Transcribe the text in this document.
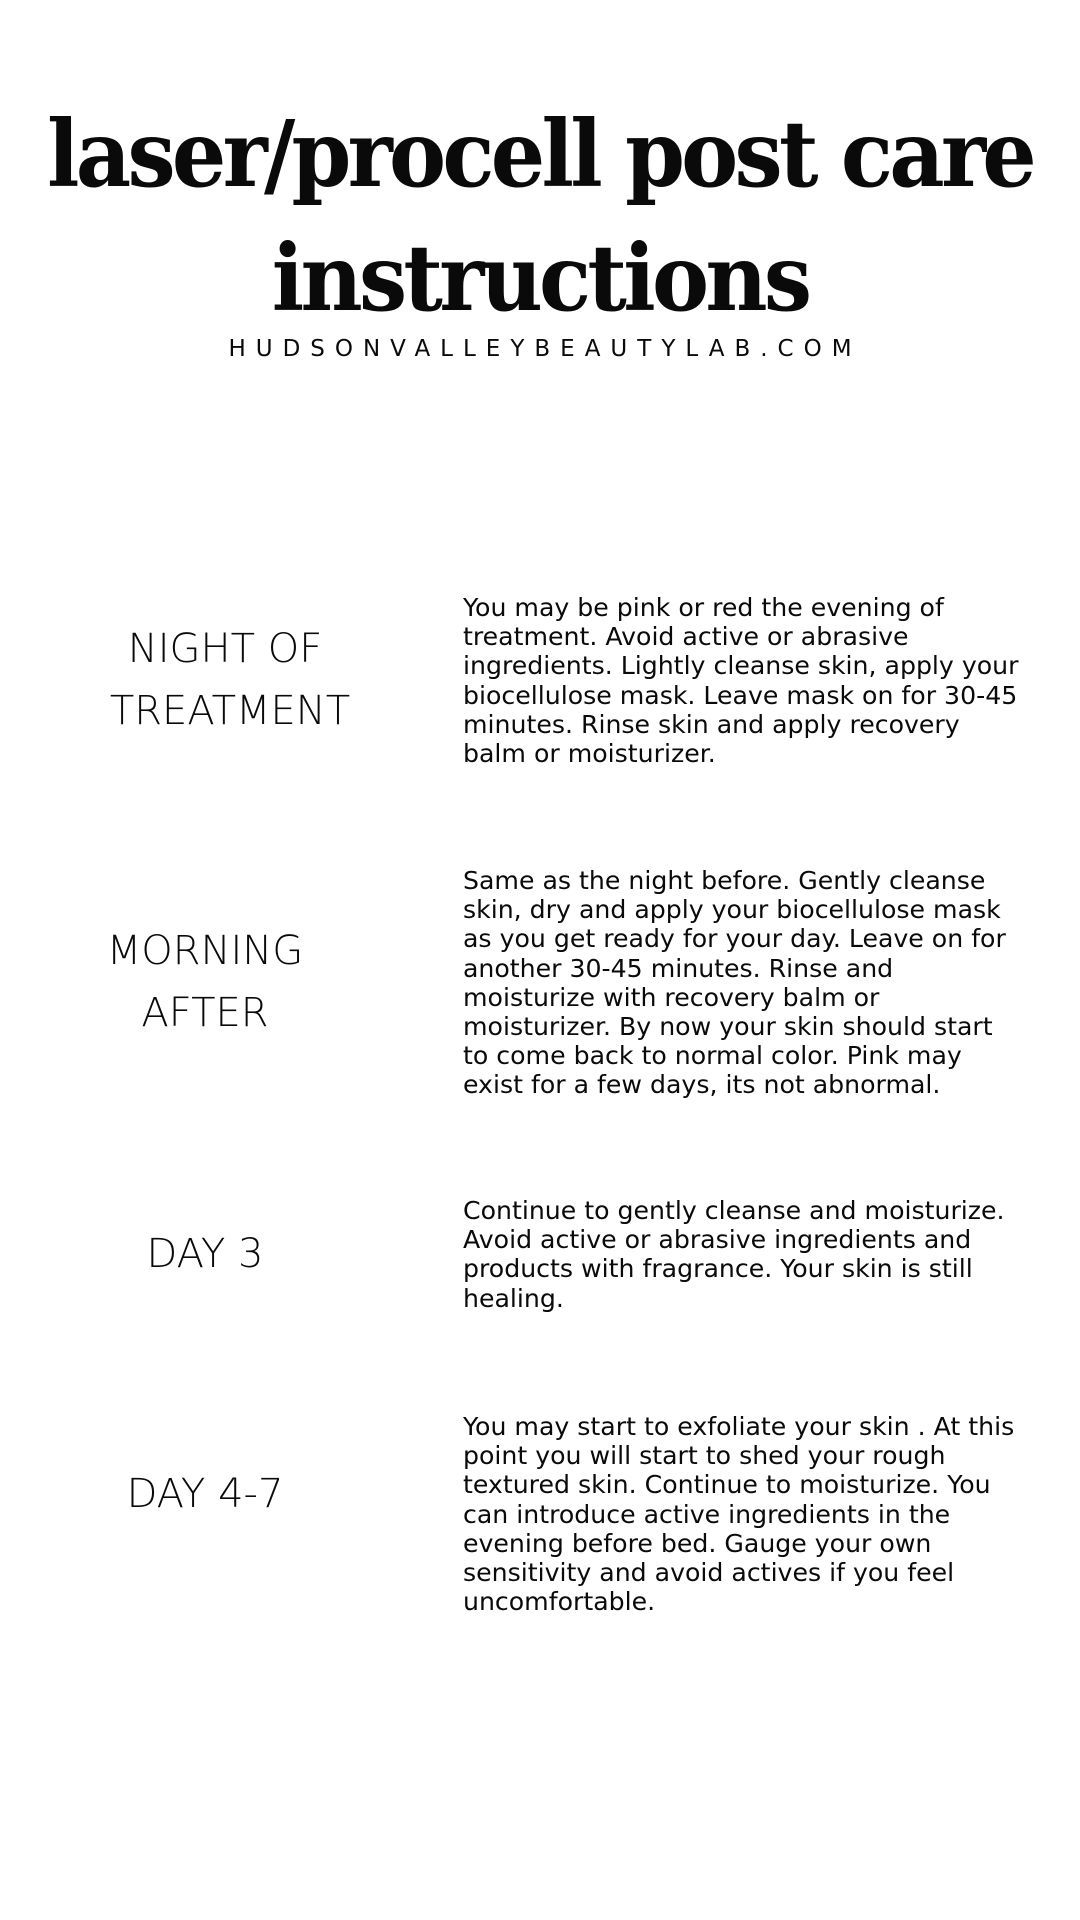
laser/procell post care
instructions
HUDSONVALLEYBEAUTYLAB.COM
NIGHT OF
TREATMENT
You may be pink or red the evening of treatment. Avoid active or abrasive ingredients. Lightly cleanse skin, apply your biocellulose mask. Leave mask on for 30-45 minutes. Rinse skin and apply recovery balm or moisturizer.
MORNING
AFTER
Same as the night before. Gently cleanse skin, dry and apply your biocellulose mask as you get ready for your day. Leave on for another 30-45 minutes. Rinse and moisturize with recovery balm or moisturizer. By now your skin should start to come back to normal color. Pink may exist for a few days, its not abnormal.
DAY 3
Continue to gently cleanse and moisturize. Avoid active or abrasive ingredients and products with fragrance. Your skin is still healing.
DAY 4-7
You may start to exfoliate your skin . At this point you will start to shed your rough textured skin. Continue to moisturize. You can introduce active ingredients in the evening before bed. Gauge your own sensitivity and avoid actives if you feel uncomfortable.
